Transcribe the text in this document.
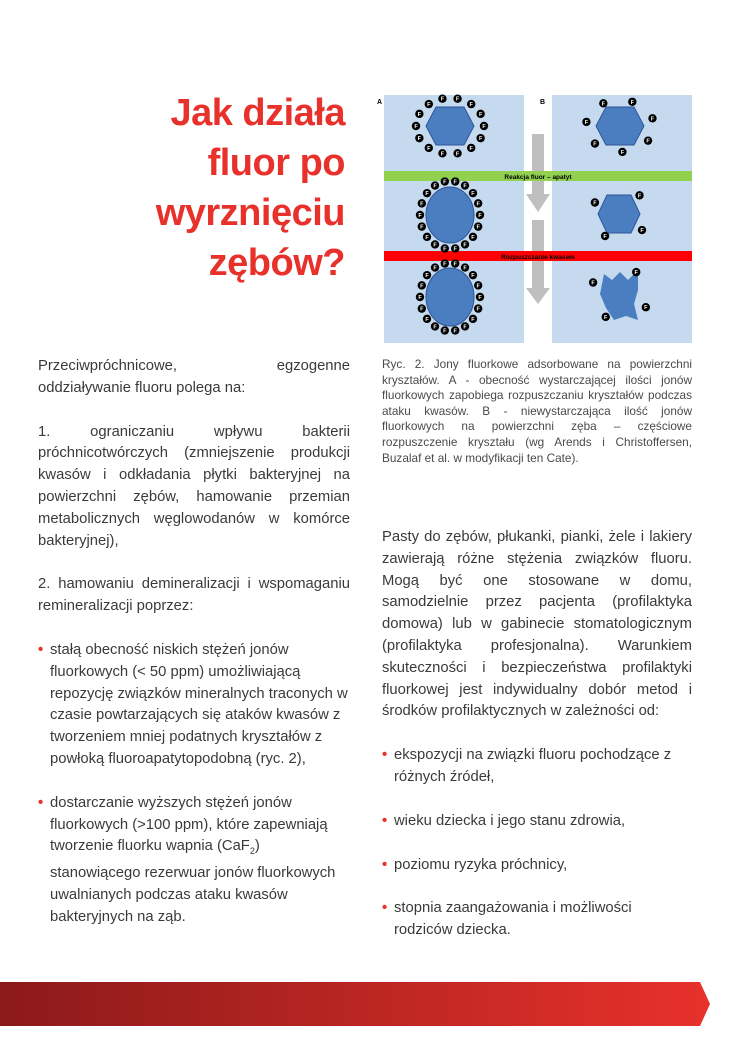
Jak działa
fluor po
wyrznięciu
zębów?
A	B
Reakcja fluor – apatyt
Rozpuszczanie kwasem
F
F
F
F
F
F
F
F
F
F
F F
F
F
F
F
F
F
F
F
F
F
F
F
F
F
F
F F
F
F
F
F
F
F
F
F
F
F
F
F
F
F
F
F
F F
F
F
F
F
F
F
F
F
F
F
F
F
F
F
F
F
F
F
Ryc. 2. Jony fluorkowe adsorbowane na powierzchni kryształów. A - obecność wystarczającej ilości jonów fluorkowych zapobiega rozpuszczaniu kryształów podczas ataku kwasów. B - niewystarczająca ilość jonów fluorkowych na powierzchni zęba – częściowe rozpuszczenie kryształu (wg Arends i Christoffersen, Buzalaf et al. w modyfikacji ten Cate).

Przeciwpróchnicowe, egzogenne oddziaływanie fluoru polega na:

1. ograniczaniu wpływu bakterii próchnicotwórczych (zmniejszenie produkcji kwasów i odkładania płytki bakteryjnej na powierzchni zębów, hamowanie przemian metabolicznych węglowodanów w komórce bakteryjnej),

2. hamowaniu demineralizacji i wspomaganiu remineralizacji poprzez:

• stałą obecność niskich stężeń jonów fluorkowych (< 50 ppm) umożliwiającą repozycję związków mineralnych traconych w czasie powtarzających się ataków kwasów z tworzeniem mniej podatnych kryształów z powłoką fluoroapatytopodobną (ryc. 2),
• dostarczanie wyższych stężeń jonów fluorkowych (>100 ppm), które zapewniają tworzenie fluorku wapnia (CaF$_2$) stanowiącego rezerwuar jonów fluorkowych uwalnianych podczas ataku kwasów bakteryjnych na ząb.

Pasty do zębów, płukanki, pianki, żele i lakiery zawierają różne stężenia związków fluoru. Mogą być one stosowane w domu, samodzielnie przez pacjenta (profilaktyka domowa) lub w gabinecie stomatologicznym (profilaktyka profesjonalna). Warunkiem skuteczności i bezpieczeństwa profilaktyki fluorkowej jest indywidualny dobór metod i środków profilaktycznych w zależności od:

• ekspozycji na związki fluoru pochodzące z różnych źródeł,
• wieku dziecka i jego stanu zdrowia,
• poziomu ryzyka próchnicy,
• stopnia zaangażowania i możliwości rodziców dziecka.
